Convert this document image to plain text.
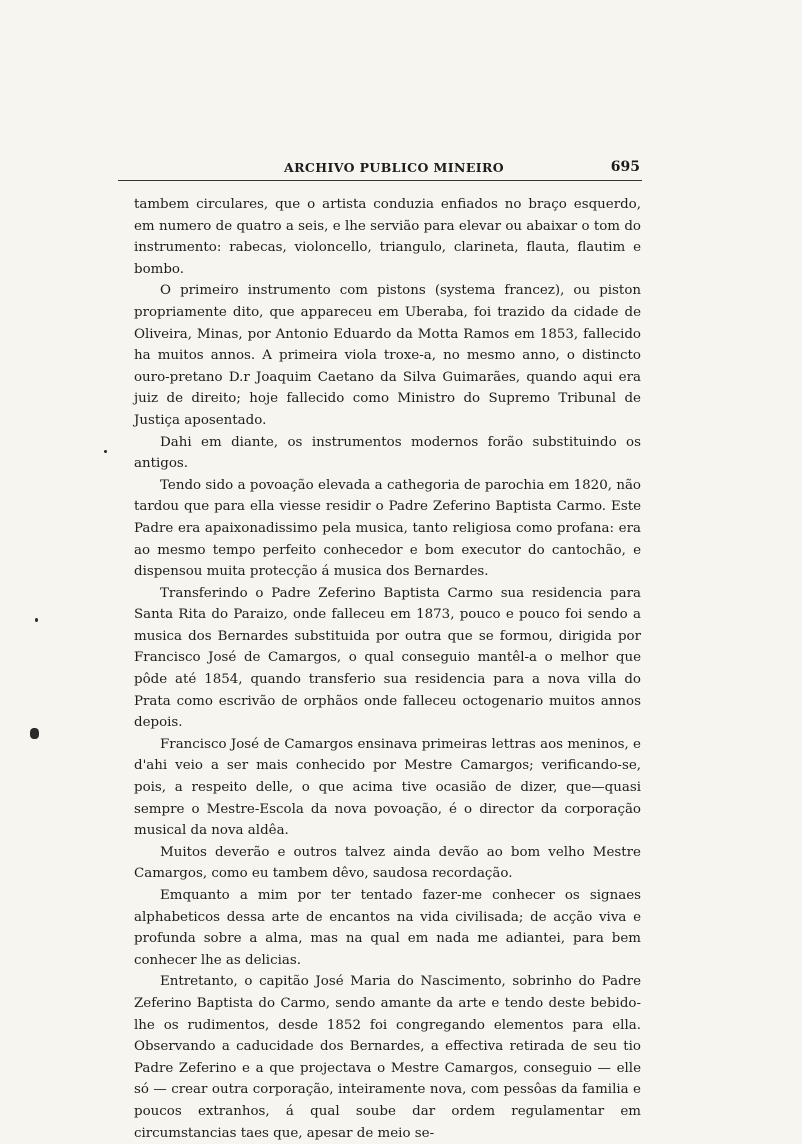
ARCHIVO PUBLICO MINEIRO	695

tambem circulares, que o artista conduzia enfiados no braço esquerdo, em numero de quatro a seis, e lhe servião para elevar ou abaixar o tom do instrumento: rabecas, violoncello, triangulo, clarineta, flauta, flautim e bombo.

O primeiro instrumento com pistons (systema francez), ou piston propriamente dito, que appareceu em Uberaba, foi trazido da cidade de Oliveira, Minas, por Antonio Eduardo da Motta Ramos em 1853, fallecido ha muitos annos. A primeira viola troxe-a, no mesmo anno, o distincto ouro-pretano D.r Joaquim Caetano da Silva Guimarães, quando aqui era juiz de direito; hoje fallecido como Ministro do Supremo Tribunal de Justiça aposentado.

Dahi em diante, os instrumentos modernos forão substituindo os antigos.

Tendo sido a povoação elevada a cathegoria de parochia em 1820, não tardou que para ella viesse residir o Padre Zeferino Baptista Carmo. Este Padre era apaixonadissimo pela musica, tanto religiosa como profana: era ao mesmo tempo perfeito conhecedor e bom executor do cantochão, e dispensou muita protecção á musica dos Bernardes.

Transferindo o Padre Zeferino Baptista Carmo sua residencia para Santa Rita do Paraizo, onde falleceu em 1873, pouco e pouco foi sendo a musica dos Bernardes substituida por outra que se formou, dirigida por Francisco José de Camargos, o qual conseguio mantêl-a o melhor que pôde até 1854, quando transferio sua residencia para a nova villa do Prata como escrivão de orphãos onde falleceu octogenario muitos annos depois.

Francisco José de Camargos ensinava primeiras lettras aos meninos, e d'ahi veio a ser mais conhecido por Mestre Camargos; verificando-se, pois, a respeito delle, o que acima tive ocasião de dizer, que—quasi sempre o Mestre-Escola da nova povoação, é o director da corporação musical da nova aldêa.

Muitos deverão e outros talvez ainda devão ao bom velho Mestre Camargos, como eu tambem dêvo, saudosa recordação.

Emquanto a mim por ter tentado fazer-me conhecer os signaes alphabeticos dessa arte de encantos na vida civilisada; de acção viva e profunda sobre a alma, mas na qual em nada me adiantei, para bem conhecer lhe as delicias.

Entretanto, o capitão José Maria do Nascimento, sobrinho do Padre Zeferino Baptista do Carmo, sendo amante da arte e tendo deste bebido-lhe os rudimentos, desde 1852 foi congregando elementos para ella. Observando a caducidade dos Bernardes, a effectiva retirada de seu tio Padre Zeferino e a que projectava o Mestre Camargos, conseguio — elle só — crear outra corporação, inteiramente nova, com pessôas da familia e poucos extranhos, á qual soube dar ordem regulamentar em circumstancias taes que, apesar de meio se-
